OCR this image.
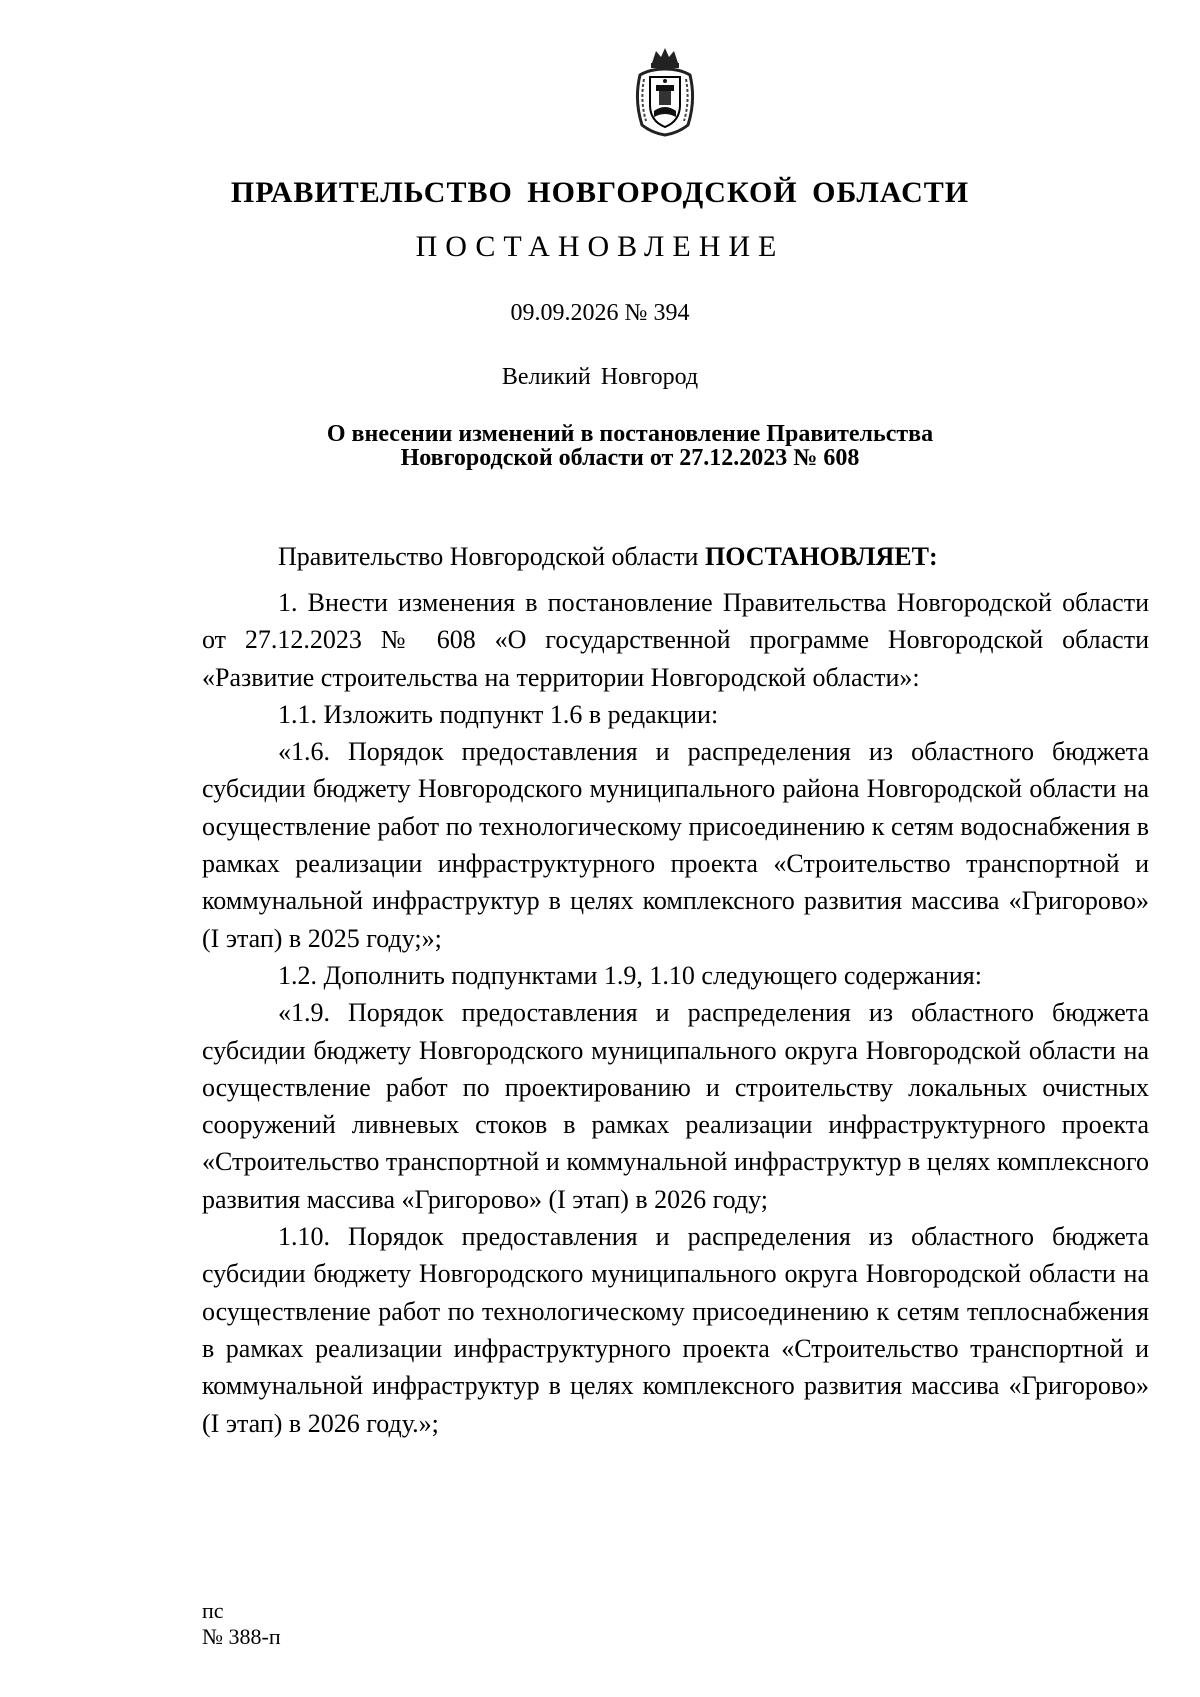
ПРАВИТЕЛЬСТВО НОВГОРОДСКОЙ ОБЛАСТИ
ПОСТАНОВЛЕНИЕ
09.09.2026 № 394
Великий Новгород
О внесении изменений в постановление Правительства
Новгородской области от 27.12.2023 № 608
Правительство Новгородской области ПОСТАНОВЛЯЕТ:

1. Внести изменения в постановление Правительства Новгородской области от 27.12.2023 № 608 «О государственной программе Новгородской области «Развитие строительства на территории Новгородской области»:

1.1. Изложить подпункт 1.6 в редакции:

«1.6. Порядок предоставления и распределения из областного бюджета субсидии бюджету Новгородского муниципального района Новгородской области на осуществление работ по технологическому присоединению к сетям водоснабжения в рамках реализации инфраструктурного проекта «Строительство транспортной и коммунальной инфраструктур в целях комплексного развития массива «Григорово» (I этап) в 2025 году;»;

1.2. Дополнить подпунктами 1.9, 1.10 следующего содержания:

«1.9. Порядок предоставления и распределения из областного бюджета субсидии бюджету Новгородского муниципального округа Новгородской области на осуществление работ по проектированию и строительству локальных очистных сооружений ливневых стоков в рамках реализации инфраструктурного проекта «Строительство транспортной и коммунальной инфраструктур в целях комплексного развития массива «Григорово» (I этап) в 2026 году;

1.10. Порядок предоставления и распределения из областного бюджета субсидии бюджету Новгородского муниципального округа Новгородской области на осуществление работ по технологическому присоединению к сетям теплоснабжения в рамках реализации инфраструктурного проекта «Строительство транспортной и коммунальной инфраструктур в целях комплексного развития массива «Григорово» (I этап) в 2026 году.»;

пс
№ 388-п
